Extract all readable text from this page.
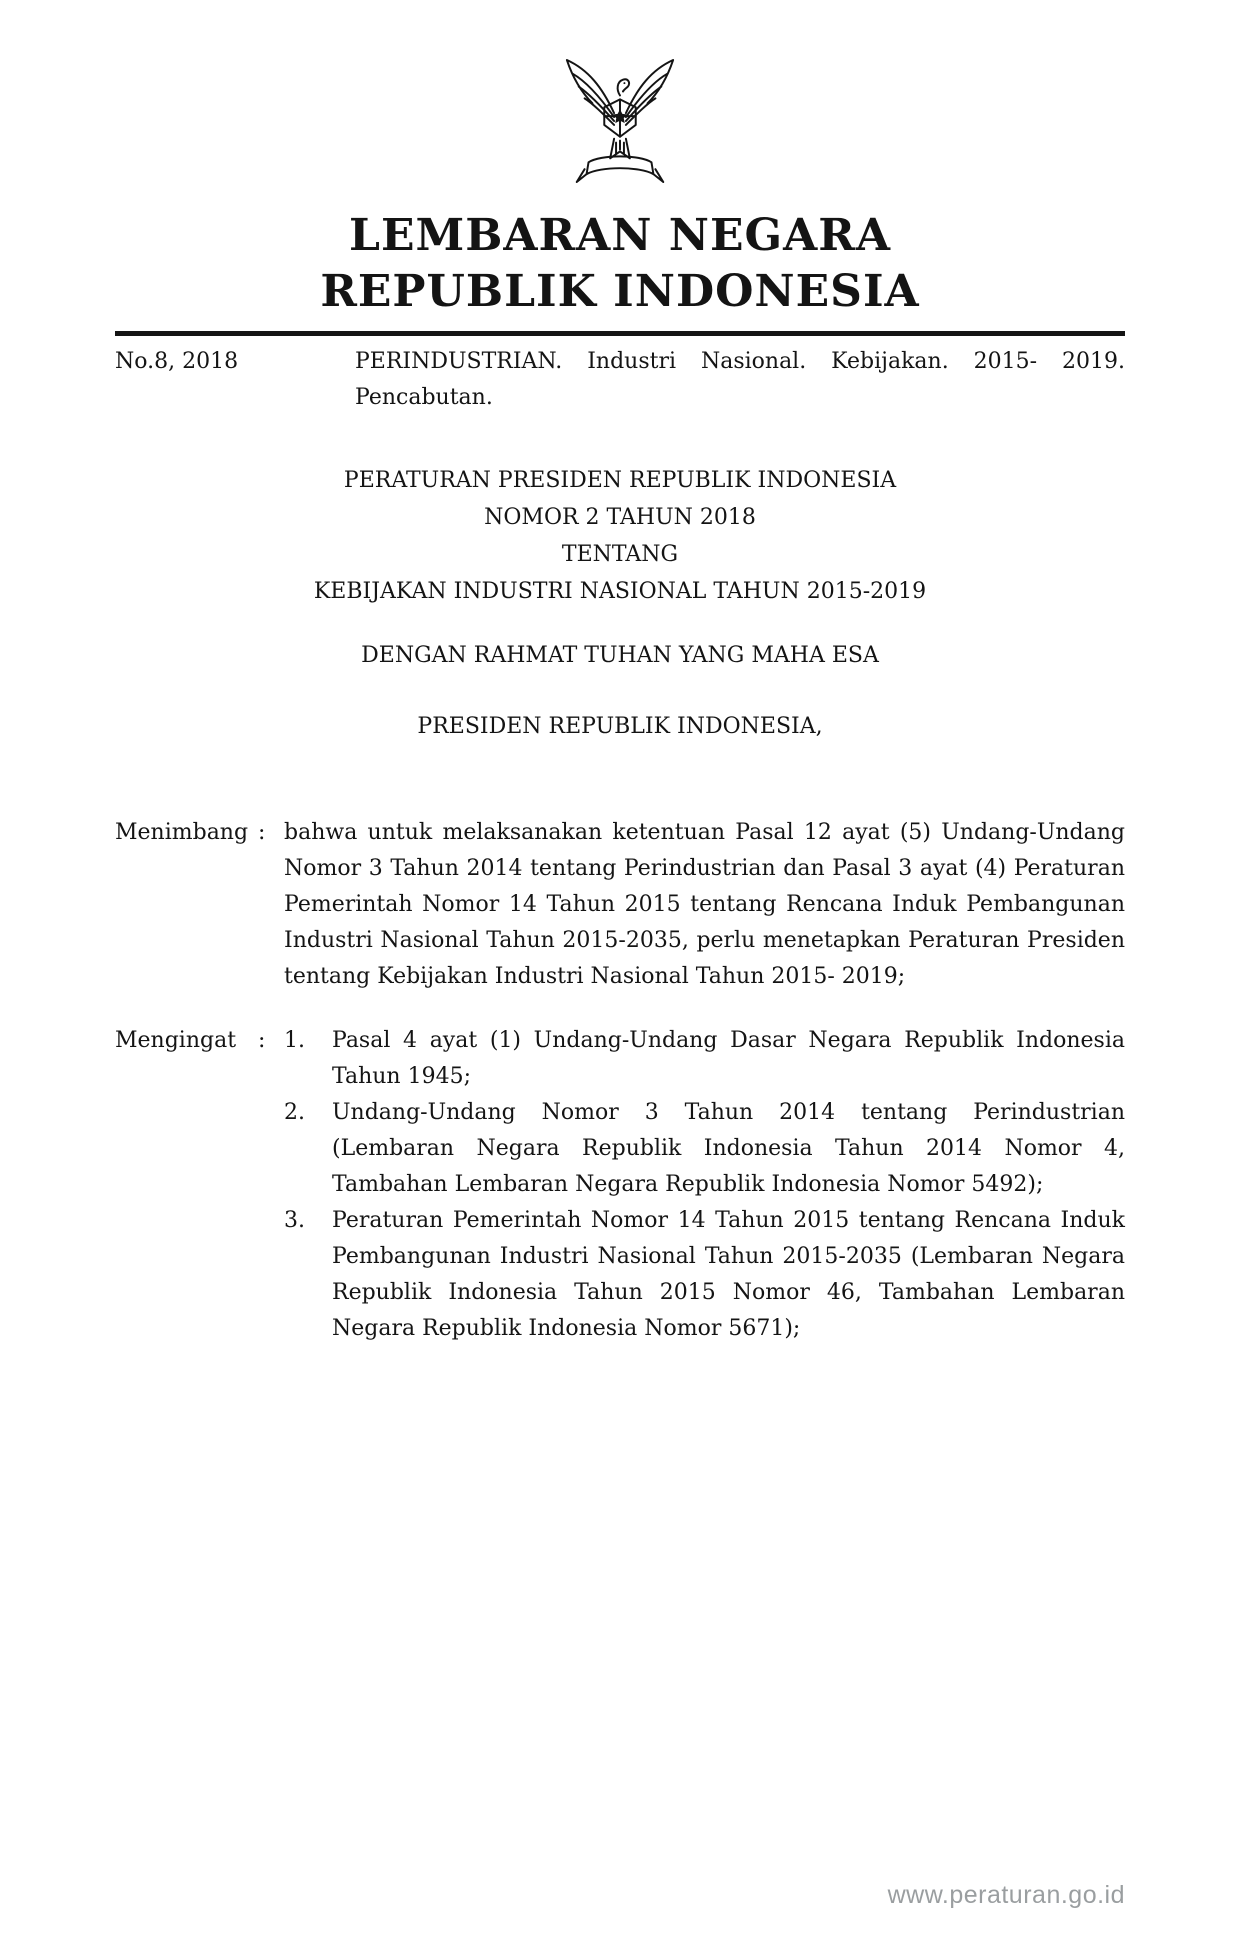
LEMBARAN NEGARA
REPUBLIK INDONESIA
No.8, 2018	PERINDUSTRIAN. Industri Nasional. Kebijakan. 2015- 2019. Pencabutan.
PERATURAN PRESIDEN REPUBLIK INDONESIA
NOMOR 2 TAHUN 2018
TENTANG
KEBIJAKAN INDUSTRI NASIONAL TAHUN 2015-2019
DENGAN RAHMAT TUHAN YANG MAHA ESA
PRESIDEN REPUBLIK INDONESIA,
Menimbang : bahwa untuk melaksanakan ketentuan Pasal 12 ayat (5) Undang-Undang Nomor 3 Tahun 2014 tentang Perindustrian dan Pasal 3 ayat (4) Peraturan Pemerintah Nomor 14 Tahun 2015 tentang Rencana Induk Pembangunan Industri Nasional Tahun 2015-2035, perlu menetapkan Peraturan Presiden tentang Kebijakan Industri Nasional Tahun 2015- 2019;
Mengingat : 1.	Pasal 4 ayat (1) Undang-Undang Dasar Negara Republik Indonesia Tahun 1945;
2.	Undang-Undang Nomor 3 Tahun 2014 tentang Perindustrian (Lembaran Negara Republik Indonesia Tahun 2014 Nomor 4, Tambahan Lembaran Negara Republik Indonesia Nomor 5492);
3.	Peraturan Pemerintah Nomor 14 Tahun 2015 tentang Rencana Induk Pembangunan Industri Nasional Tahun 2015-2035 (Lembaran Negara Republik Indonesia Tahun 2015 Nomor 46, Tambahan Lembaran Negara Republik Indonesia Nomor 5671);
www.peraturan.go.id
